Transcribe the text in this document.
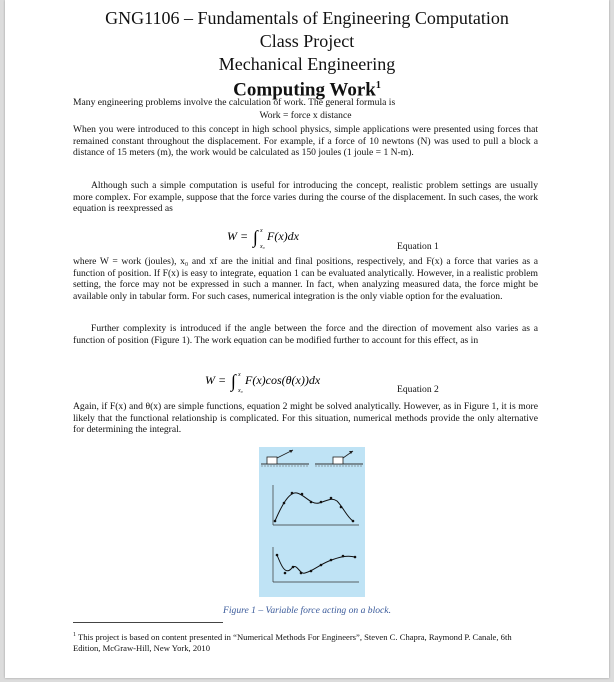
GNG1106 – Fundamentals of Engineering Computation
Class Project
Mechanical Engineering
Computing Work$^1$
Many engineering problems involve the calculation of work. The general formula is
Work = force x distance
When you were introduced to this concept in high school physics, simple applications were presented using forces that remained constant throughout the displacement. For example, if a force of 10 newtons (N) was used to pull a block a distance of 15 meters (m), the work would be calculated as 150 joules (1 joule = 1 N-m).
Although such a simple computation is useful for introducing the concept, realistic problem settings are usually more complex. For example, suppose that the force varies during the course of the displacement. In such cases, the work equation is reexpressed as
W = ∫ x
x₀
F(x)dx
Equation 1
where W = work (joules), x₀ and xf are the initial and final positions, respectively, and F(x) a force that varies as a function of position. If F(x) is easy to integrate, equation 1 can be evaluated analytically. However, in a realistic problem setting, the force may not be expressed in such a manner. In fact, when analyzing measured data, the force might be available only in tabular form. For such cases, numerical integration is the only viable option for the evaluation.
Further complexity is introduced if the angle between the force and the direction of movement also varies as a function of position (Figure 1). The work equation can be modified further to account for this effect, as in
W = ∫ x
x₀
F(x)cos(θ(x))dx
Equation 2
Again, if F(x) and θ(x) are simple functions, equation 2 might be solved analytically. However, as in Figure 1, it is more likely that the functional relationship is complicated. For this situation, numerical methods provide the only alternative for determining the integral.
Figure 1 – Variable force acting on a block.
$^1$ This project is based on content presented in “Numerical Methods For Engineers”, Steven C. Chapra, Raymond P. Canale, 6th Edition, McGraw-Hill, New York, 2010
